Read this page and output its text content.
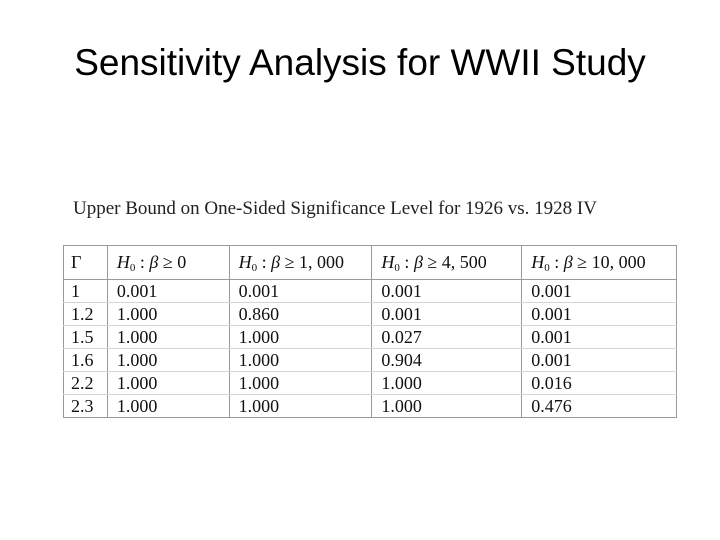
Sensitivity Analysis for WWII Study
Upper Bound on One-Sided Significance Level for 1926 vs. 1928 IV
Γ	$H_0$ : β ≥ 0	$H_0$ : β ≥ 1, 000	$H_0$ : β ≥ 4, 500	$H_0$ : β ≥ 10, 000
1	0.001	0.001	0.001	0.001
1.2	1.000	0.860	0.001	0.001
1.5	1.000	1.000	0.027	0.001
1.6	1.000	1.000	0.904	0.001
2.2	1.000	1.000	1.000	0.016
2.3	1.000	1.000	1.000	0.476
